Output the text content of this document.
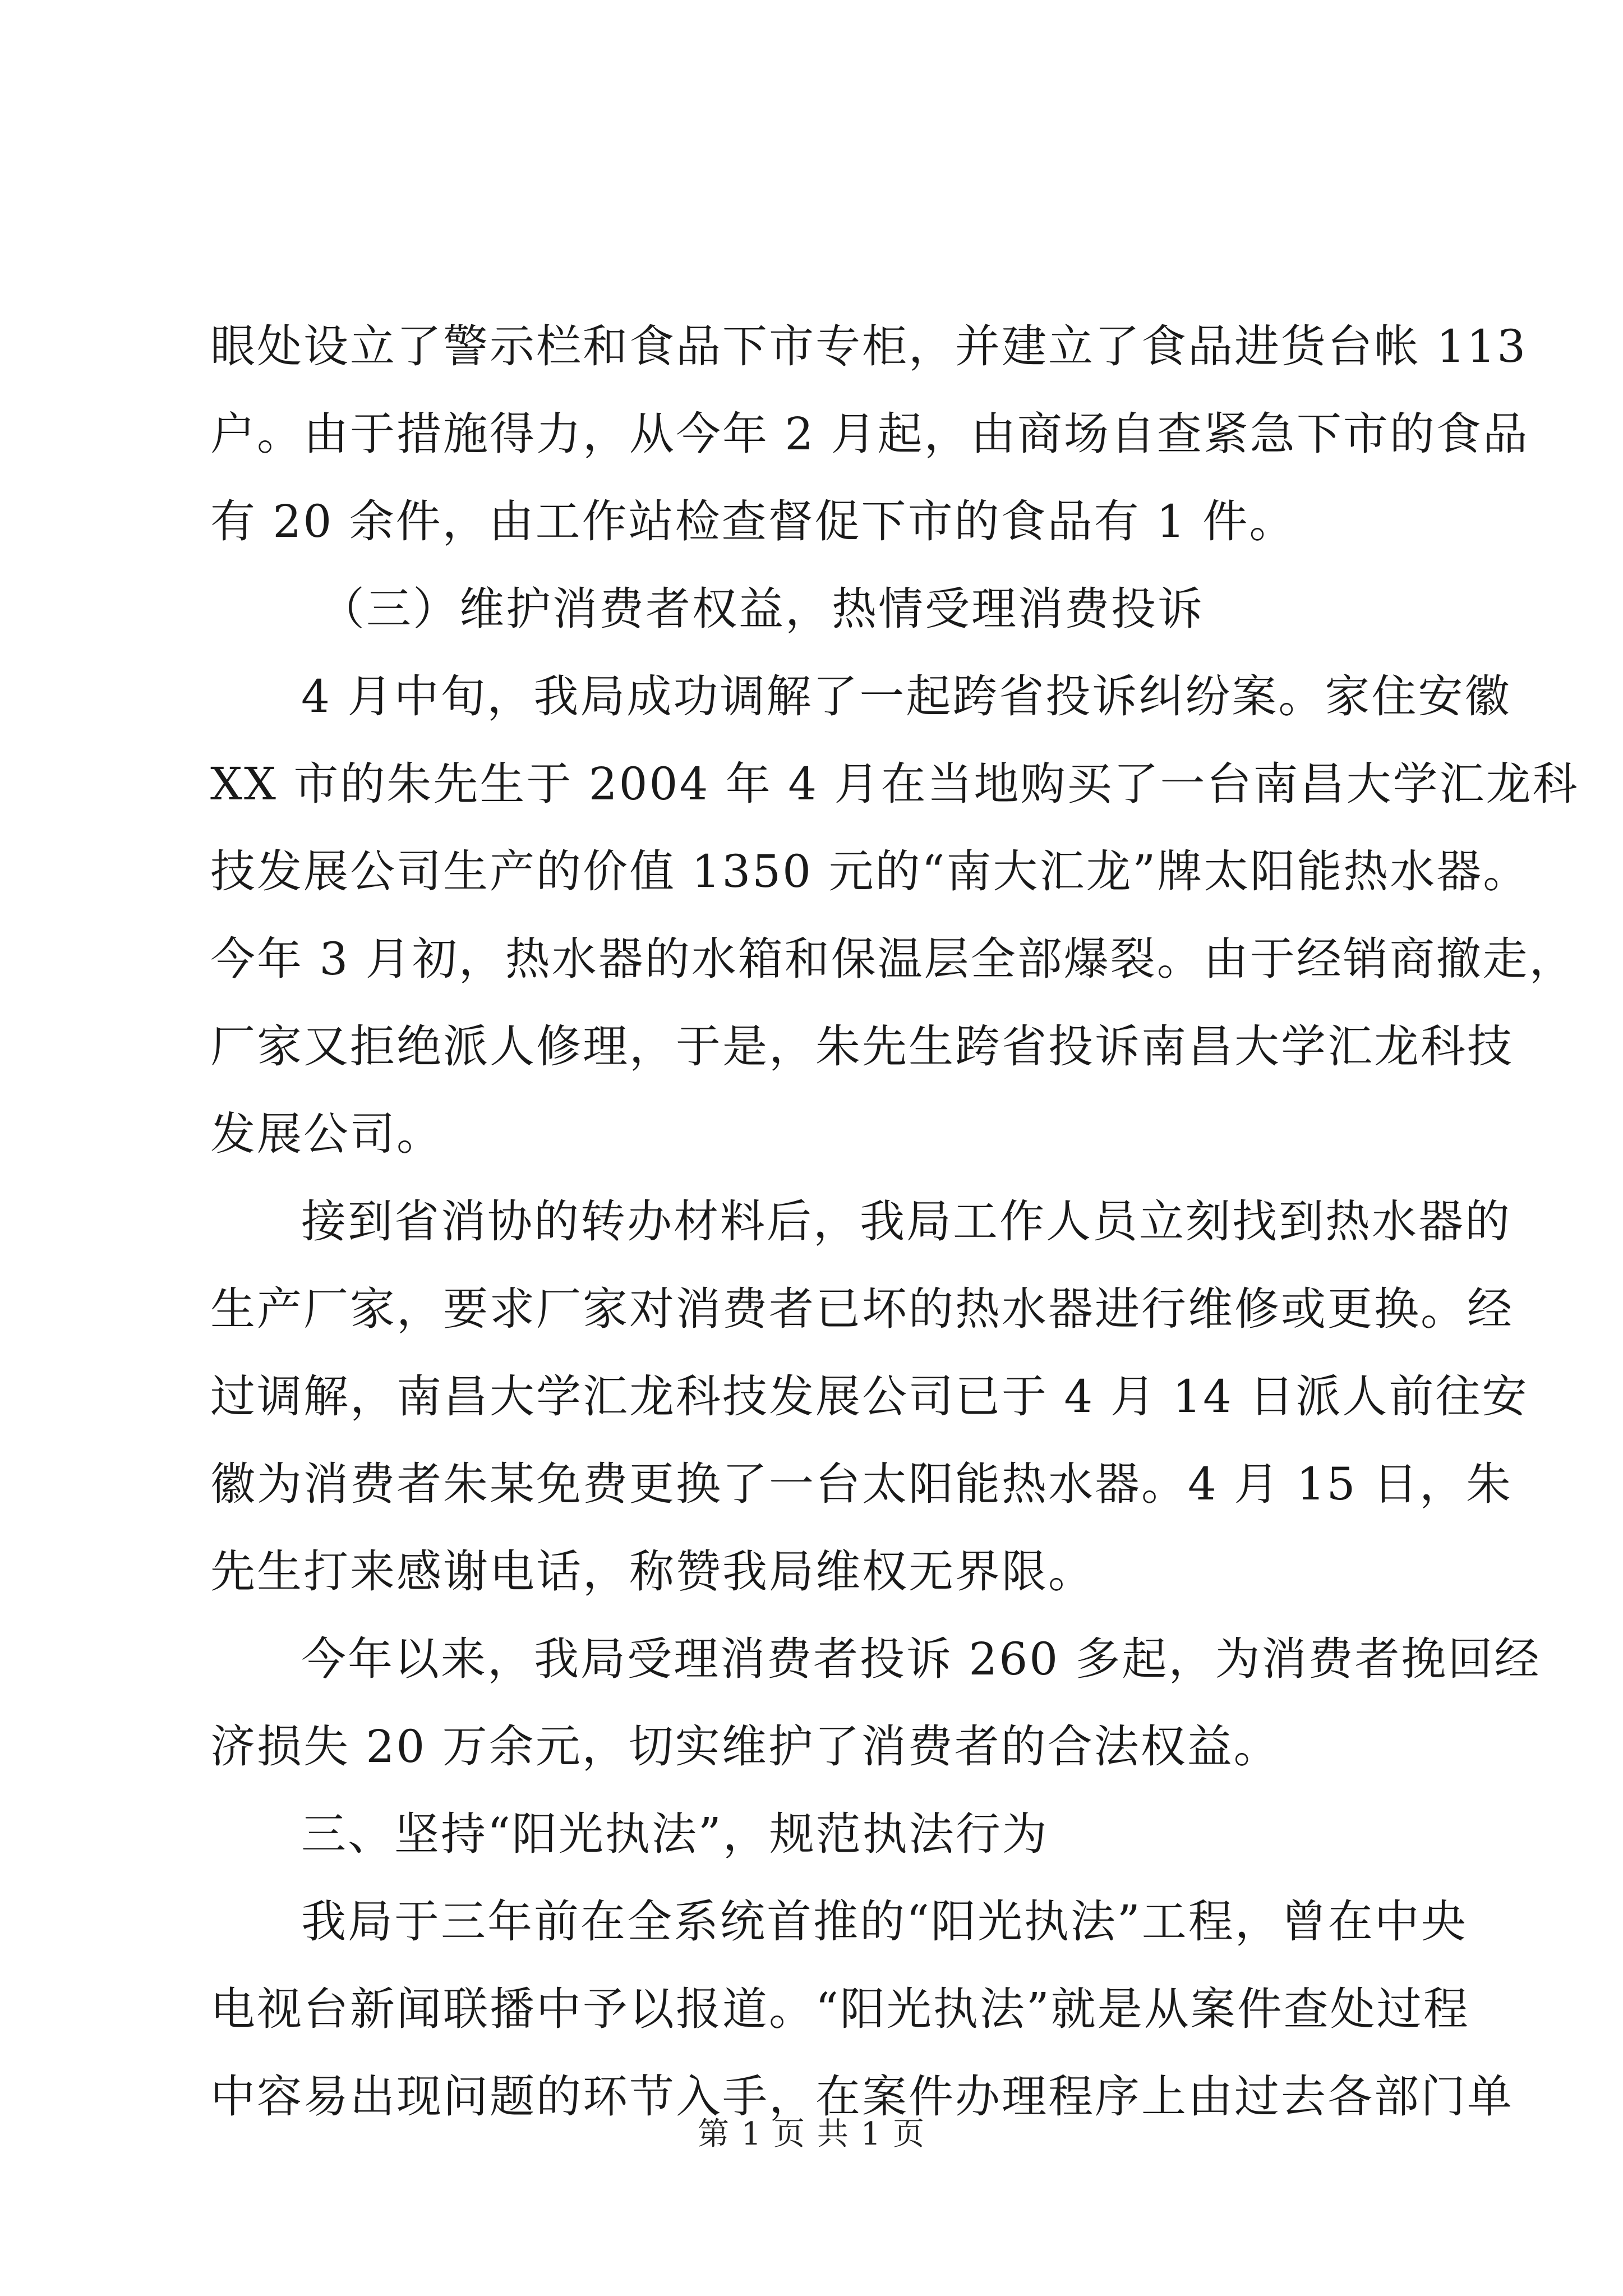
眼处设立了警示栏和食品下市专柜，并建立了食品进货台帐 113
户。由于措施得力，从今年 2 月起，由商场自查紧急下市的食品
有 20 余件，由工作站检查督促下市的食品有 1 件。
（三）维护消费者权益，热情受理消费投诉
4 月中旬，我局成功调解了一起跨省投诉纠纷案。家住安徽
XX 市的朱先生于 2004 年 4 月在当地购买了一台南昌大学汇龙科
技发展公司生产的价值 1350 元的“南大汇龙”牌太阳能热水器。
今年 3 月初，热水器的水箱和保温层全部爆裂。由于经销商撤走，
厂家又拒绝派人修理，于是，朱先生跨省投诉南昌大学汇龙科技
发展公司。
接到省消协的转办材料后，我局工作人员立刻找到热水器的
生产厂家，要求厂家对消费者已坏的热水器进行维修或更换。经
过调解，南昌大学汇龙科技发展公司已于 4 月 14 日派人前往安
徽为消费者朱某免费更换了一台太阳能热水器。4 月 15 日，朱
先生打来感谢电话，称赞我局维权无界限。
今年以来，我局受理消费者投诉 260 多起，为消费者挽回经
济损失 20 万余元，切实维护了消费者的合法权益。
三、坚持“阳光执法”，规范执法行为
我局于三年前在全系统首推的“阳光执法”工程，曾在中央
电视台新闻联播中予以报道。“阳光执法”就是从案件查处过程
中容易出现问题的环节入手，在案件办理程序上由过去各部门单
第 1 页 共 1 页
